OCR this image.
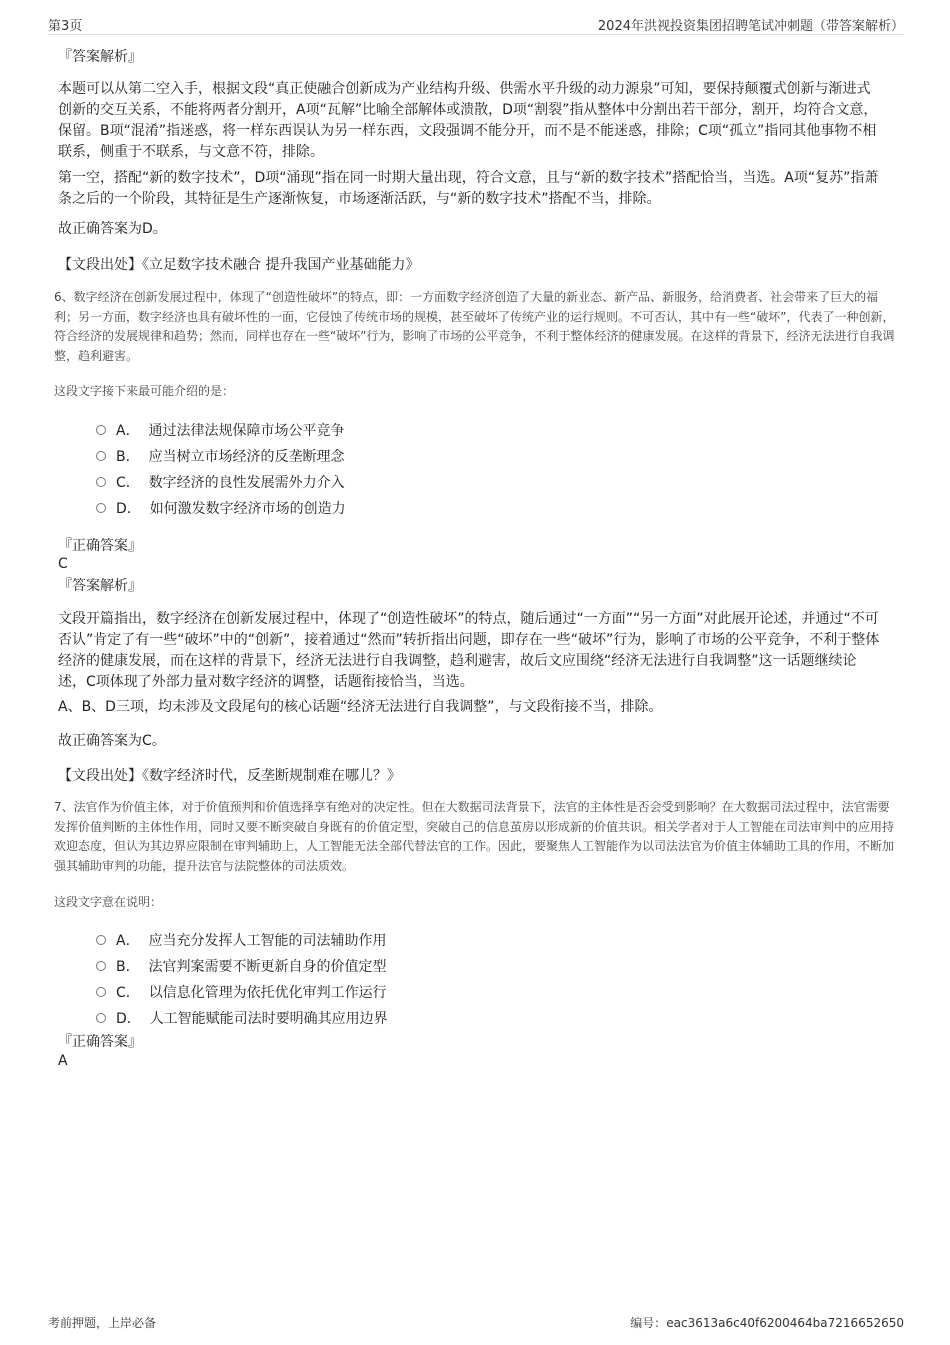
第3页	2024年洪视投资集团招聘笔试冲刺题（带答案解析）
『答案解析』

本题可以从第二空入手，根据文段“真正使融合创新成为产业结构升级、供需水平升级的动力源泉”可知，要保持颠覆式创新与渐进式创新的交互关系，不能将两者分割开，A项“瓦解”比喻全部解体或溃散，D项“割裂”指从整体中分割出若干部分，割开，均符合文意，保留。B项“混淆”指迷惑，将一样东西误认为另一样东西，文段强调不能分开，而不是不能迷惑，排除；C项“孤立”指同其他事物不相联系，侧重于不联系，与文意不符，排除。

第一空，搭配“新的数字技术”，D项“涌现”指在同一时期大量出现，符合文意，且与“新的数字技术”搭配恰当，当选。A项“复苏”指萧条之后的一个阶段，其特征是生产逐渐恢复，市场逐渐活跃，与“新的数字技术”搭配不当，排除。

故正确答案为D。

【文段出处】《立足数字技术融合 提升我国产业基础能力》

6、数字经济在创新发展过程中，体现了“创造性破坏”的特点，即：一方面数字经济创造了大量的新业态、新产品、新服务，给消费者、社会带来了巨大的福利；另一方面，数字经济也具有破坏性的一面，它侵蚀了传统市场的规模，甚至破坏了传统产业的运行规则。不可否认，其中有一些“破坏”，代表了一种创新，符合经济的发展规律和趋势；然而，同样也存在一些“破坏”行为，影响了市场的公平竞争，不利于整体经济的健康发展。在这样的背景下，经济无法进行自我调整，趋利避害。

这段文字接下来最可能介绍的是：

A． 通过法律法规保障市场公平竞争
B． 应当树立市场经济的反垄断理念
C． 数字经济的良性发展需外力介入
D． 如何激发数字经济市场的创造力
『正确答案』
C
『答案解析』

文段开篇指出，数字经济在创新发展过程中，体现了“创造性破坏”的特点，随后通过“一方面”“另一方面”对此展开论述，并通过“不可否认”肯定了有一些“破坏”中的“创新”，接着通过“然而”转折指出问题，即存在一些“破坏”行为，影响了市场的公平竞争，不利于整体经济的健康发展，而在这样的背景下，经济无法进行自我调整，趋利避害，故后文应围绕“经济无法进行自我调整”这一话题继续论述，C项体现了外部力量对数字经济的调整，话题衔接恰当，当选。

A、B、D三项，均未涉及文段尾句的核心话题“经济无法进行自我调整”，与文段衔接不当，排除。

故正确答案为C。

【文段出处】《数字经济时代，反垄断规制难在哪儿？》

7、法官作为价值主体，对于价值预判和价值选择享有绝对的决定性。但在大数据司法背景下，法官的主体性是否会受到影响？在大数据司法过程中，法官需要发挥价值判断的主体性作用，同时又要不断突破自身既有的价值定型，突破自己的信息茧房以形成新的价值共识。相关学者对于人工智能在司法审判中的应用持欢迎态度，但认为其边界应限制在审判辅助上，人工智能无法全部代替法官的工作。因此，要聚焦人工智能作为以司法法官为价值主体辅助工具的作用，不断加强其辅助审判的功能，提升法官与法院整体的司法质效。

这段文字意在说明：

A． 应当充分发挥人工智能的司法辅助作用
B． 法官判案需要不断更新自身的价值定型
C． 以信息化管理为依托优化审判工作运行
D． 人工智能赋能司法时要明确其应用边界
『正确答案』
A
考前押题，上岸必备	编号：eac3613a6c40f6200464ba7216652650
